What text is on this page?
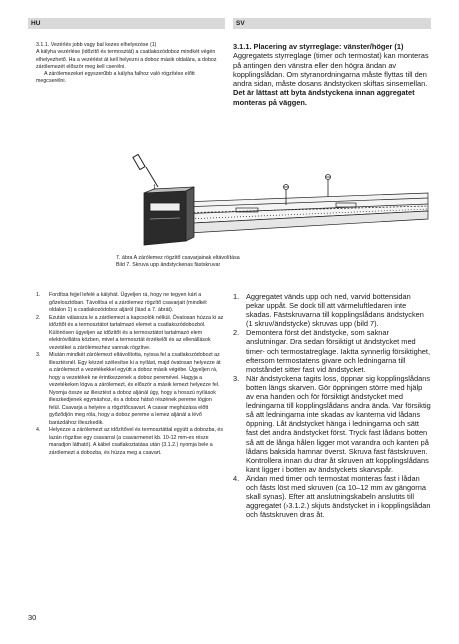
HU	SV

3.1.1. Vezérlés jobb vagy bal kezes elhelyezése (1)

A kályha vezérlése (időzítő és termosztát) a csatlakozódoboz mindkét végén elhelyezhető. Ha a vezérlést át kell helyezni a doboz másik oldalára, a doboz zárólemezét először meg kell cserélni.

A zárólemezeket egyszerűbb a kályha falhoz való rögzítése előtt megcserélni.

3.1.1. Placering av styrreglage: vänster/höger (1)

Aggregatets styrreglage (timer och termostat) kan monteras på antingen den vänstra eller den högra ändan av kopplingslådan. Om styranordningarna måste flyttas till den andra sidan, måste dosans ändstycken skiftas sinsemellan.

Det är lättast att byta ändstyckena innan aggregatet monteras på väggen.

1
7. ábra A zárólemez rögzítő csavarjainak eltávolítása
Bild 7. Skruva upp ändstyckenas fästskruvar
1. Fordítsa fejjel lefelé a kályhát. Ügyeljen rá, hogy ne tegyen kárt a gőzelosztóban. Távolítsa el a zárólemez rögzítő csavarjait (mindkét oldalon 1) a csatlakozódoboz aljáról (lásd a 7. ábrát).
2. Ezután válassza le a zárólemezt a kapcsolók nélkül. Óvatosan húzza ki az időzítőt és a termosztátot tartalmazó elemet a csatlakozódobozból. Különösen ügyeljen az időzítőt és a termosztátot tartalmazó elem elektróvillátra közben, mivel a termosztát érzékelői és az ellenállások vezetékei a zárólemezhez vannak rögzítve.
3. Miután mindkét zárólemezt eltávolította, nyissa fel a csatlakozódobozt az illesztésnél. Egy kézzel szélesítse ki a nyílást, majd óvatosan helyezze át a zárólemezt a vezetékekkel együtt a doboz másik végébe. Ügyeljen rá, hogy a vezetékek ne érintkezzenek a doboz peremével. Hagyja a vezetékeken lógva a zárólemezt, és először a másik lemezt helyezze fel. Nyomja össze az illesztést a doboz aljánál úgy, hogy a hosszú nyílások illeszkedjenek egymáshoz, és a doboz hátsó részének pereme lógjon felül. Csavarja a helyére a rögzítőcsavart. A csavar meghúzása előtt győződjön meg róla, hogy a doboz pereme a lemez aljánál a lévő barázdához illeszkedik.
4. Helyezze a zárólemezt az időzítővel és termosztáttal együtt a dobozba, és lazán rögzítse egy csavarral (a csavarmenet kb. 10-12 mm-es része maradjon látható). A kábel csatlakoztatása után (3.1.2.) nyomja bele a zárólemezt a dobozba, és húzza meg a csavart.
1. Aggregatet vänds upp och ned, varvid bottensidan pekar uppåt. Se dock till att värmeluftledaren inte skadas. Fästskruvarna till kopplingslådans ändstycken (1 skruv/ändstycke) skruvas upp (bild 7).
2. Demontera först det ändstycke, som saknar anslutningar. Dra sedan försiktigt ut ändstycket med timer- och termostatreglage. Iaktta synnerlig försiktighet, eftersom termostatens givare och ledningarna till motståndet sitter fast vid ändstycket.
3. När ändstyckena tagits loss, öppnar sig kopplingslådans botten längs skarven. Gör öppningen större med hjälp av ena handen och för försiktigt ändstycket med ledningarna till kopplingslådans andra ända. Var försiktig så att ledningarna inte skadas av kanterna vid lådans öppning. Låt ändstycket hänga i ledningarna och sätt fast det andra ändstycket först. Tryck fast lådans botten så att de långa hålen ligger mot varandra och kanten på lådans baksida hamnar överst. Skruva fast fästskruven. Kontrollera innan du drar åt skruven att kopplingslådans kant ligger i botten av ändstyckets skarvspår.
4. Ändan med timer och termostat monteras fast i lådan och fästs löst med skruven (ca 10–12 mm av gängorna skall synas). Efter att anslutningskabeln anslutits till aggregatet (›3.1.2.) skjuts ändstycket in i kopplingslådan och fästskruven dras åt.
30
